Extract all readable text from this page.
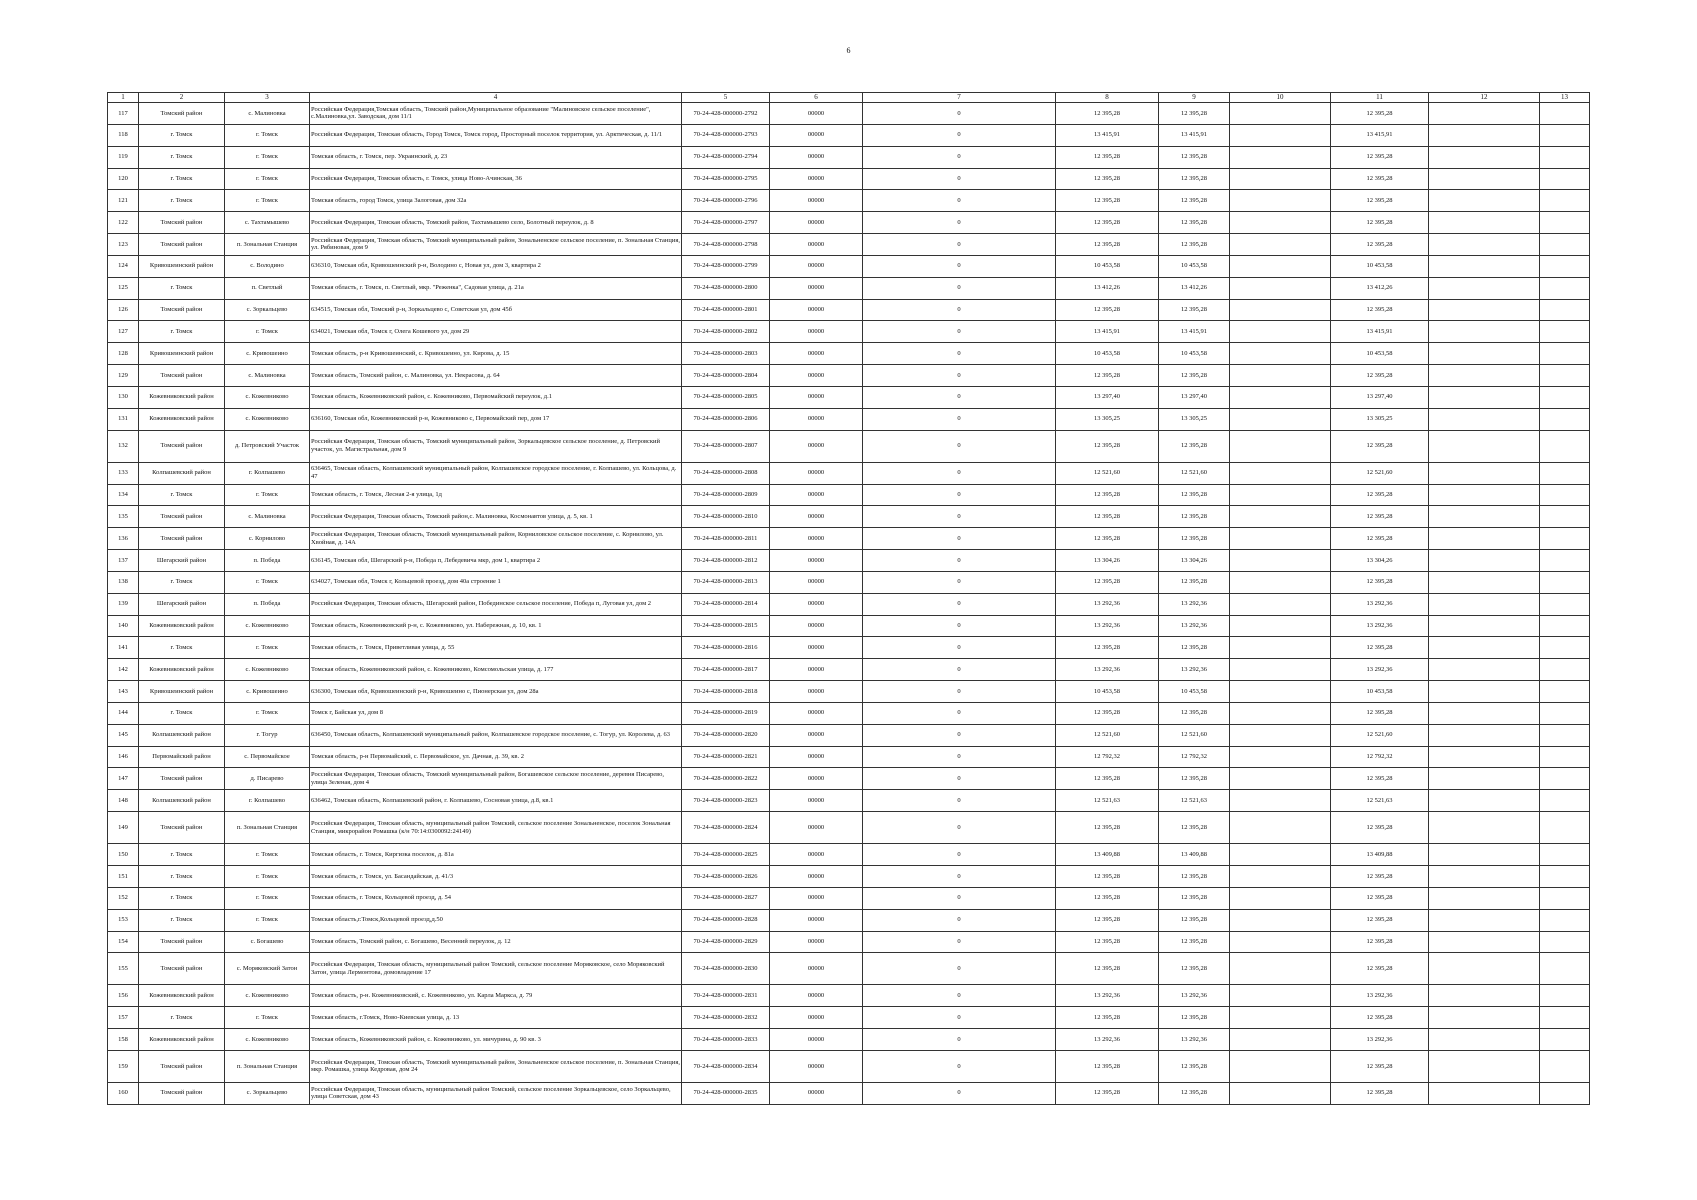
6
1	2	3	4	5	6	7	8	9	10	11	12	13
117	Томский район	с. Малиновка	Российская Федерация,Томская область, Томский район,Муниципальное образование "Малиновское сельское поселение", с.Малиновка,ул. Заводская, дом 11/1	70-24-428-000000-2792	00000	0	12 395,28	12 395,28		12 395,28		
118	г. Томск	г. Томск	Российская Федерация, Томская область, Город Томск, Томск город, Просторный поселок территория, ул. Арктическая, д. 11/1	70-24-428-000000-2793	00000	0	13 415,91	13 415,91		13 415,91		
119	г. Томск	г. Томск	Томская область, г. Томск, пер. Украинский, д. 23	70-24-428-000000-2794	00000	0	12 395,28	12 395,28		12 395,28		
120	г. Томск	г. Томск	Российская Федерация, Томская область, г. Томск, улица Ново-Ачинская, 36	70-24-428-000000-2795	00000	0	12 395,28	12 395,28		12 395,28		
121	г. Томск	г. Томск	Томская область, город Томск, улица Залоговая, дом 32а	70-24-428-000000-2796	00000	0	12 395,28	12 395,28		12 395,28		
122	Томский район	с. Тахтамышево	Российская Федерация, Томская область, Томский район, Тахтамышево село, Болотный переулок, д. 8	70-24-428-000000-2797	00000	0	12 395,28	12 395,28		12 395,28		
123	Томский район	п. Зональная Станция	Российская Федерация, Томская область, Томский муниципальный район, Зональненское сельское поселение, п. Зональная Станция, ул. Рябиновая, дом 9	70-24-428-000000-2798	00000	0	12 395,28	12 395,28		12 395,28		
124	Кривошеинский район	с. Володино	636310, Томская обл, Кривошеинский р-н, Володино с, Новая ул, дом 3, квартира 2	70-24-428-000000-2799	00000	0	10 453,58	10 453,58		10 453,58		
125	г. Томск	п. Светлый	Томская область, г. Томск, п. Светлый, мкр. "Реженка", Садовая улица, д. 21а	70-24-428-000000-2800	00000	0	13 412,26	13 412,26		13 412,26		
126	Томский район	с. Зоркальцево	634515, Томская обл, Томский р-н, Зоркальцево с, Советская ул, дом 45б	70-24-428-000000-2801	00000	0	12 395,28	12 395,28		12 395,28		
127	г. Томск	г. Томск	634021, Томская обл, Томск г, Олега Кошевого ул, дом 29	70-24-428-000000-2802	00000	0	13 415,91	13 415,91		13 415,91		
128	Кривошеинский район	с. Кривошеино	Томская область, р-н Кривошеинский, с. Кривошеино, ул. Кирова, д. 15	70-24-428-000000-2803	00000	0	10 453,58	10 453,58		10 453,58		
129	Томский район	с. Малиновка	Томская область, Томский район, с. Малиновка, ул. Некрасова, д. 64	70-24-428-000000-2804	00000	0	12 395,28	12 395,28		12 395,28		
130	Кожевниковский район	с. Кожевниково	Томская область, Кожевниковский район, с. Кожевниково, Первомайский переулок, д.1	70-24-428-000000-2805	00000	0	13 297,40	13 297,40		13 297,40		
131	Кожевниковский район	с. Кожевниково	636160, Томская обл, Кожевниковский р-н, Кожевниково с, Первомайский пер, дом 17	70-24-428-000000-2806	00000	0	13 305,25	13 305,25		13 305,25		
132	Томский район	д. Петровский Участок	Российская Федерация, Томская область, Томский муниципальный район, Зоркальцевское сельское поселение, д. Петровский участок, ул. Магистральная, дом 9	70-24-428-000000-2807	00000	0	12 395,28	12 395,28		12 395,28		
133	Колпашевский район	г. Колпашево	636465, Томская область, Колпашевский муниципальный район, Колпашевское городское поселение, г. Колпашево, ул. Кольцова, д. 47	70-24-428-000000-2808	00000	0	12 521,60	12 521,60		12 521,60		
134	г. Томск	г. Томск	Томская область, г. Томск, Лесная 2-я улица, 1д	70-24-428-000000-2809	00000	0	12 395,28	12 395,28		12 395,28		
135	Томский район	с. Малиновка	Российская Федерация, Томская область, Томский район,с. Малиновка, Космонавтов улица, д. 5, кв. 1	70-24-428-000000-2810	00000	0	12 395,28	12 395,28		12 395,28		
136	Томский район	с. Корнилово	Российская Федерация, Томская область, Томский муниципальный район, Корниловское сельское поселение, с. Корнилово, ул. Хвойная, д. 14А	70-24-428-000000-2811	00000	0	12 395,28	12 395,28		12 395,28		
137	Шегарский район	п. Победа	636145, Томская обл, Шегарский р-н, Победа п, Лебедевича мкр, дом 1, квартира 2	70-24-428-000000-2812	00000	0	13 304,26	13 304,26		13 304,26		
138	г. Томск	г. Томск	634027, Томская обл, Томск г, Кольцевой проезд, дом 40а строение 1	70-24-428-000000-2813	00000	0	12 395,28	12 395,28		12 395,28		
139	Шегарский район	п. Победа	Российская Федерация, Томская область, Шегарский район, Побединское сельское поселение, Победа п, Луговая ул, дом 2	70-24-428-000000-2814	00000	0	13 292,36	13 292,36		13 292,36		
140	Кожевниковский район	с. Кожевниково	Томская область, Кожевниковский р-н, с. Кожевниково, ул. Набережная, д. 10, кв. 1	70-24-428-000000-2815	00000	0	13 292,36	13 292,36		13 292,36		
141	г. Томск	г. Томск	Томская область, г. Томск, Приветливая улица, д. 55	70-24-428-000000-2816	00000	0	12 395,28	12 395,28		12 395,28		
142	Кожевниковский район	с. Кожевниково	Томская область, Кожевниковский район, с. Кожевниково, Комсомольская улица, д. 177	70-24-428-000000-2817	00000	0	13 292,36	13 292,36		13 292,36		
143	Кривошеинский район	с. Кривошеино	636300, Томская обл, Кривошеинский р-н, Кривошеино с, Пионерская ул, дом 28а	70-24-428-000000-2818	00000	0	10 453,58	10 453,58		10 453,58		
144	г. Томск	г. Томск	Томск г, Байская ул, дом 8	70-24-428-000000-2819	00000	0	12 395,28	12 395,28		12 395,28		
145	Колпашевский район	г. Тогур	636450, Томская область, Колпашевский муниципальный район, Колпашевское городское поселение, с. Тогур, ул. Королева, д. 63	70-24-428-000000-2820	00000	0	12 521,60	12 521,60		12 521,60		
146	Первомайский район	с. Первомайское	Томская область, р-н Первомайский, с. Первомайское, ул. Дачная, д. 39, кв. 2	70-24-428-000000-2821	00000	0	12 792,32	12 792,32		12 792,32		
147	Томский район	д. Писарево	Российская Федерация, Томская область, Томский муниципальный район, Богашевское сельское поселение, деревня Писарево, улица Зеленая, дом 4	70-24-428-000000-2822	00000	0	12 395,28	12 395,28		12 395,28		
148	Колпашевский район	г. Колпашево	636462, Томская область, Колпашевский район, г. Колпашево, Сосновая улица, д.8, кв.1	70-24-428-000000-2823	00000	0	12 521,63	12 521,63		12 521,63		
149	Томский район	п. Зональная Станция	Российская Федерация, Томская область, муниципальный район Томский, сельское поселение Зональненское, поселок Зональная Станция, микрорайон Ромашка (к/н 70:14:0300092:24149)	70-24-428-000000-2824	00000	0	12 395,28	12 395,28		12 395,28		
150	г. Томск	г. Томск	Томская область, г. Томск, Киргизка поселок, д. 81а	70-24-428-000000-2825	00000	0	13 409,88	13 409,88		13 409,88		
151	г. Томск	г. Томск	Томская область, г. Томск, ул. Басандайская, д. 41/3	70-24-428-000000-2826	00000	0	12 395,28	12 395,28		12 395,28		
152	г. Томск	г. Томск	Томская область, г. Томск, Кольцевой проезд, д. 54	70-24-428-000000-2827	00000	0	12 395,28	12 395,28		12 395,28		
153	г. Томск	г. Томск	Томская область,г.Томск,Кольцевой проезд,д.50	70-24-428-000000-2828	00000	0	12 395,28	12 395,28		12 395,28		
154	Томский район	с. Богашево	Томская область, Томский район, с. Богашево, Весенний переулок, д. 12	70-24-428-000000-2829	00000	0	12 395,28	12 395,28		12 395,28		
155	Томский район	с. Моряковский Затон	Российская Федерация, Томская область, муниципальный район Томский, сельское поселение Моряковское, село Моряковский Затон, улица Лермонтова, домовладение 17	70-24-428-000000-2830	00000	0	12 395,28	12 395,28		12 395,28		
156	Кожевниковский район	с. Кожевниково	Томская область, р-н. Кожевниковский, с. Кожевниково, ул. Карла Маркса, д. 79	70-24-428-000000-2831	00000	0	13 292,36	13 292,36		13 292,36		
157	г. Томск	г. Томск	Томская область, г.Томск, Ново-Киевская улица, д. 13	70-24-428-000000-2832	00000	0	12 395,28	12 395,28		12 395,28		
158	Кожевниковский район	с. Кожевниково	Томская область, Кожевниковский район, с. Кожевниково, ул. мичурина, д. 90 кв. 3	70-24-428-000000-2833	00000	0	13 292,36	13 292,36		13 292,36		
159	Томский район	п. Зональная Станция	Российская Федерация, Томская область, Томский муниципальный район, Зональненское сельское поселение, п. Зональная Станция, мкр. Ромашка, улица Кедровая, дом 24	70-24-428-000000-2834	00000	0	12 395,28	12 395,28		12 395,28		
160	Томский район	с. Зоркальцево	Российская Федерация, Томская область, муниципальный район Томский, сельское поселение Зоркальцевское, село Зоркальцево, улица Советская, дом 43	70-24-428-000000-2835	00000	0	12 395,28	12 395,28		12 395,28		
